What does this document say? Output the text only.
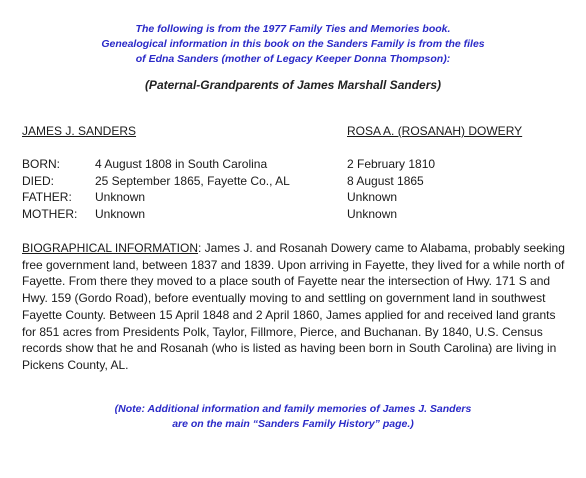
The following is from the 1977 Family Ties and Memories book.
Genealogical information in this book on the Sanders Family is from the files
of Edna Sanders (mother of Legacy Keeper Donna Thompson):
(Paternal-Grandparents of James Marshall Sanders)
JAMES J. SANDERS	ROSA A. (ROSANAH) DOWERY
BORN:	4 August 1808 in South Carolina	2 February 1810
DIED:	25 September 1865, Fayette Co., AL	8 August 1865
FATHER: Unknown	Unknown
MOTHER: Unknown	Unknown

BIOGRAPHICAL INFORMATION: James J. and Rosanah Dowery came to Alabama, probably seeking free government land, between 1837 and 1839. Upon arriving in Fayette, they lived for a while north of Fayette. From there they moved to a place south of Fayette near the intersection of Hwy. 171 S and Hwy. 159 (Gordo Road), before eventually moving to and settling on government land in southwest Fayette County. Between 15 April 1848 and 2 April 1860, James applied for and received land grants for 851 acres from Presidents Polk, Taylor, Fillmore, Pierce, and Buchanan. By 1840, U.S. Census records show that he and Rosanah (who is listed as having been born in South Carolina) are living in Pickens County, AL.

(Note: Additional information and family memories of James J. Sanders
are on the main “Sanders Family History” page.)
